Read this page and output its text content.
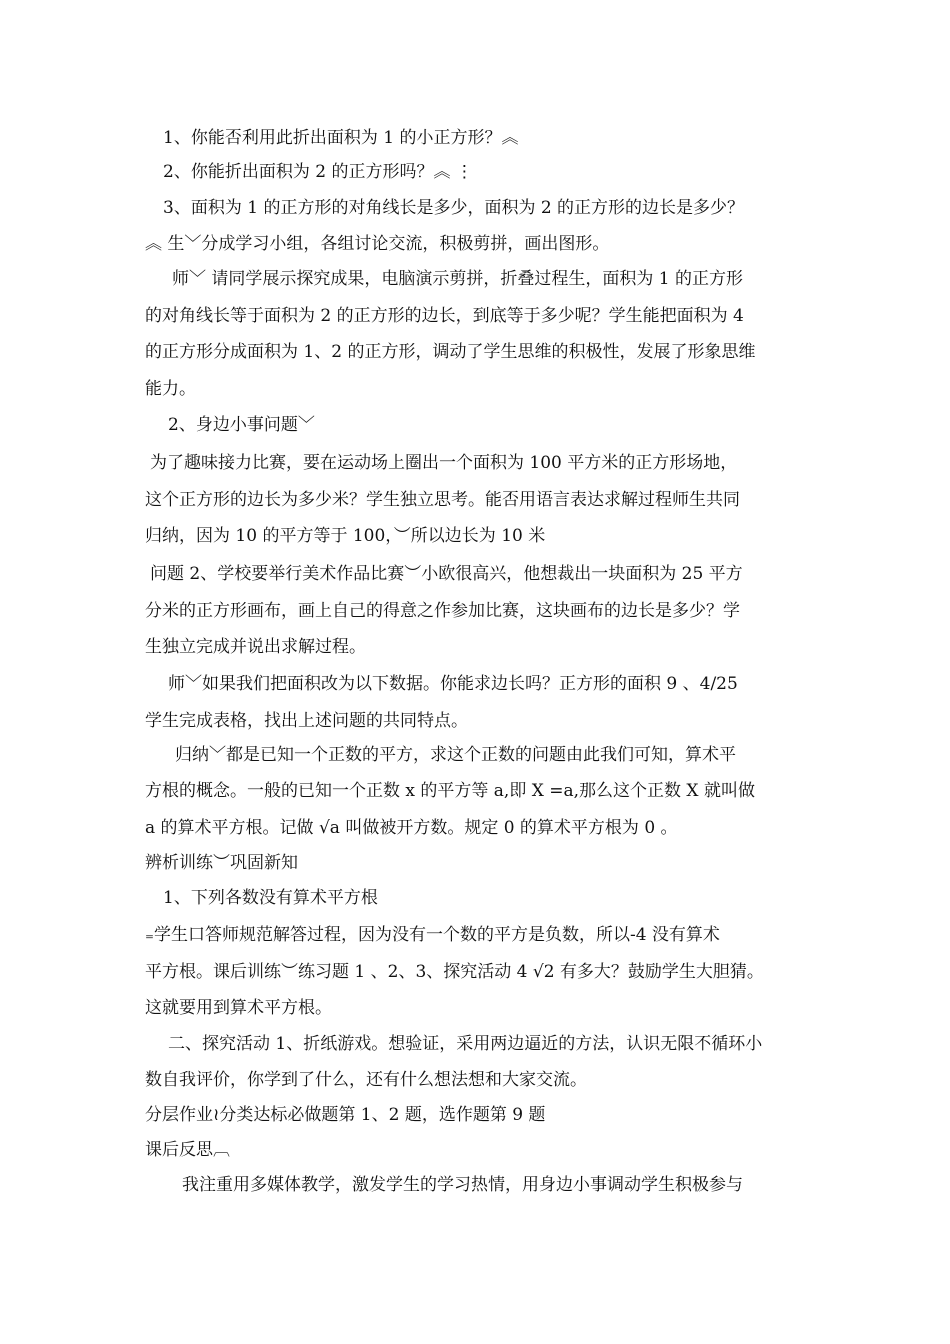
1、你能否利用此折出面积为 1 的小正方形？︽
2、你能折出面积为 2 的正方形吗？︽ ⋮
3、面积为 1 的正方形的对角线长是多少，面积为 2 的正方形的边长是多少？
︽ 生﹀分成学习小组，各组讨论交流，积极剪拼，画出图形。
师﹀ 请同学展示探究成果，电脑演示剪拼，折叠过程生，面积为 1 的正方形
的对角线长等于面积为 2 的正方形的边长，到底等于多少呢？学生能把面积为 4
的正方形分成面积为 1、2 的正方形，调动了学生思维的积极性，发展了形象思维
能力。
2、身边小事问题﹀
为了趣味接力比赛，要在运动场上圈出一个面积为 100 平方米的正方形场地，
这个正方形的边长为多少米？学生独立思考。能否用语言表达求解过程师生共同
归纳，因为 10 的平方等于 100，︶所以边长为 10 米
问题 2、学校要举行美术作品比赛︶小欧很高兴，他想裁出一块面积为 25 平方
分米的正方形画布，画上自己的得意之作参加比赛，这块画布的边长是多少？学
生独立完成并说出求解过程。
师﹀如果我们把面积改为以下数据。你能求边长吗？正方形的面积 9 、4/25
学生完成表格，找出上述问题的共同特点。
归纳﹀都是已知一个正数的平方，求这个正数的问题由此我们可知，算术平
方根的概念。一般的已知一个正数 x 的平方等 a,即 X =a,那么这个正数 X 就叫做
a 的算术平方根。记做 √a 叫做被开方数。规定 0 的算术平方根为 0 。
辨析训练︶巩固新知
1、下列各数没有算术平方根
₌学生口答师规范解答过程，因为没有一个数的平方是负数，所以-4 没有算术
平方根。课后训练︶练习题 1 、2、3、探究活动 4 √2 有多大？鼓励学生大胆猜。
这就要用到算术平方根。
二、探究活动 1、折纸游戏。想验证，采用两边逼近的方法，认识无限不循环小
数自我评价，你学到了什么，还有什么想法想和大家交流。
分层作业≀分类达标必做题第 1、2 题，选作题第 9 题
课后反思︹
我注重用多媒体教学，激发学生的学习热情，用身边小事调动学生积极参与
